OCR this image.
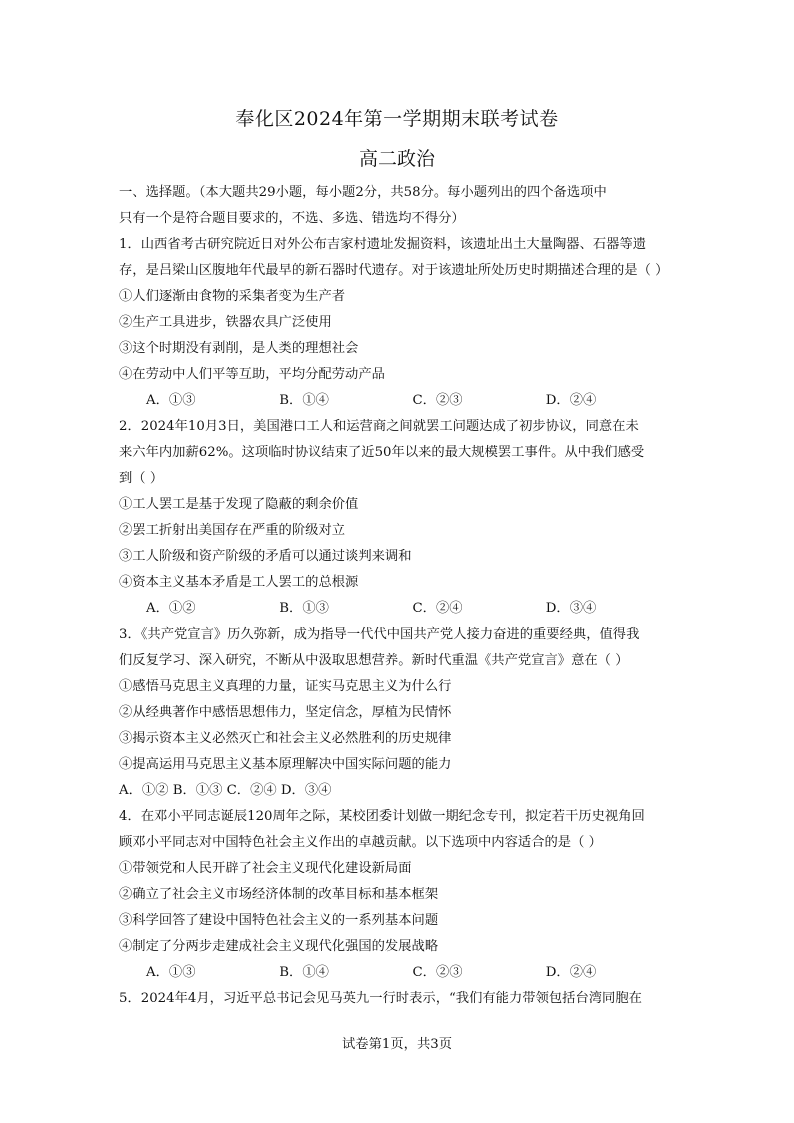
奉化区2024年第一学期期末联考试卷
高二政治
一、选择题。（本大题共29小题，每小题2分，共58分。每小题列出的四个备选项中
只有一个是符合题目要求的，不选、多选、错选均不得分）
1．山西省考古研究院近日对外公布吉家村遗址发掘资料，该遗址出土大量陶器、石器等遗
存，是吕梁山区腹地年代最早的新石器时代遗存。对于该遗址所处历史时期描述合理的是（ ）
①人们逐渐由食物的采集者变为生产者
②生产工具进步，铁器农具广泛使用
③这个时期没有剥削，是人类的理想社会
④在劳动中人们平等互助，平均分配劳动产品
A．①③	B．①④	C．②③	D．②④
2．2024年10月3日，美国港口工人和运营商之间就罢工问题达成了初步协议，同意在未
来六年内加薪62%。这项临时协议结束了近50年以来的最大规模罢工事件。从中我们感受
到（ ）
①工人罢工是基于发现了隐蔽的剩余价值
②罢工折射出美国存在严重的阶级对立
③工人阶级和资产阶级的矛盾可以通过谈判来调和
④资本主义基本矛盾是工人罢工的总根源
A．①②	B．①③	C．②④	D．③④
3．《共产党宣言》历久弥新，成为指导一代代中国共产党人接力奋进的重要经典，值得我
们反复学习、深入研究，不断从中汲取思想营养。新时代重温《共产党宣言》意在（ ）
①感悟马克思主义真理的力量，证实马克思主义为什么行
②从经典著作中感悟思想伟力，坚定信念，厚植为民情怀
③揭示资本主义必然灭亡和社会主义必然胜利的历史规律
④提高运用马克思主义基本原理解决中国实际问题的能力
A．①② B．①③ C．②④ D．③④
4．在邓小平同志诞辰120周年之际，某校团委计划做一期纪念专刊，拟定若干历史视角回
顾邓小平同志对中国特色社会主义作出的卓越贡献。以下选项中内容适合的是（ ）
①带领党和人民开辟了社会主义现代化建设新局面
②确立了社会主义市场经济体制的改革目标和基本框架
③科学回答了建设中国特色社会主义的一系列基本问题
④制定了分两步走建成社会主义现代化强国的发展战略
A．①③	B．①④	C．②③	D．②④
5．2024年4月，习近平总书记会见马英九一行时表示，“我们有能力带领包括台湾同胞在
试卷第1页，共3页
